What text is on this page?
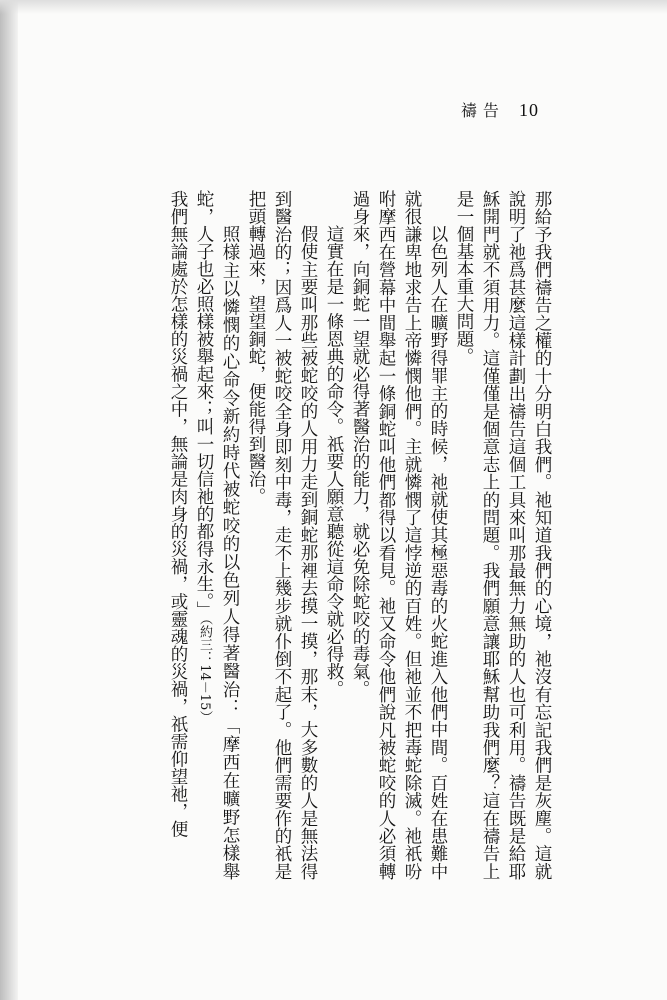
禱告 10

那給予我們禱告之權的十分明白我們。祂知道我們的心境，祂沒有忘記我們是灰塵。這就說明了祂爲甚麼這樣計劃出禱告這個工具來叫那最無力無助的人也可利用。禱告既是給耶穌開門就不須用力。這僅僅是個意志上的問題。我們願意讓耶穌幫助我們麼？這在禱告上是一個基本重大問題。

以色列人在曠野得罪主的時候，祂就使其極惡毒的火蛇進入他們中間。百姓在患難中就很謙卑地求告上帝憐憫他們。主就憐憫了這悖逆的百姓。但祂並不把毒蛇除滅。祂祇吩咐摩西在營幕中間舉起一條銅蛇叫他們都得以看見。祂又命令他們說凡被蛇咬的人必須轉過身來，向銅蛇一望就必得著醫治的能力，就必免除蛇咬的毒氣。

這實在是一條恩典的命令。祇要人願意聽從這命令就必得救。

假使主要叫那些被蛇咬的人用力走到銅蛇那裡去摸一摸，那末，大多數的人是無法得到醫治的；因爲人一被蛇咬全身即刻中毒，走不上幾步就仆倒不起了。他們需要作的祇是把頭轉過來，望望銅蛇，便能得到醫治。

照様主以憐憫的心命令新約時代被蛇咬的以色列人得著醫治：「摩西在曠野怎樣舉蛇，人子也必照樣被舉起來；叫一切信祂的都得永生。」（約三：14－15）

我們無論處於怎樣的災禍之中，無論是肉身的災禍，或靈魂的災禍，祇需仰望祂，便
